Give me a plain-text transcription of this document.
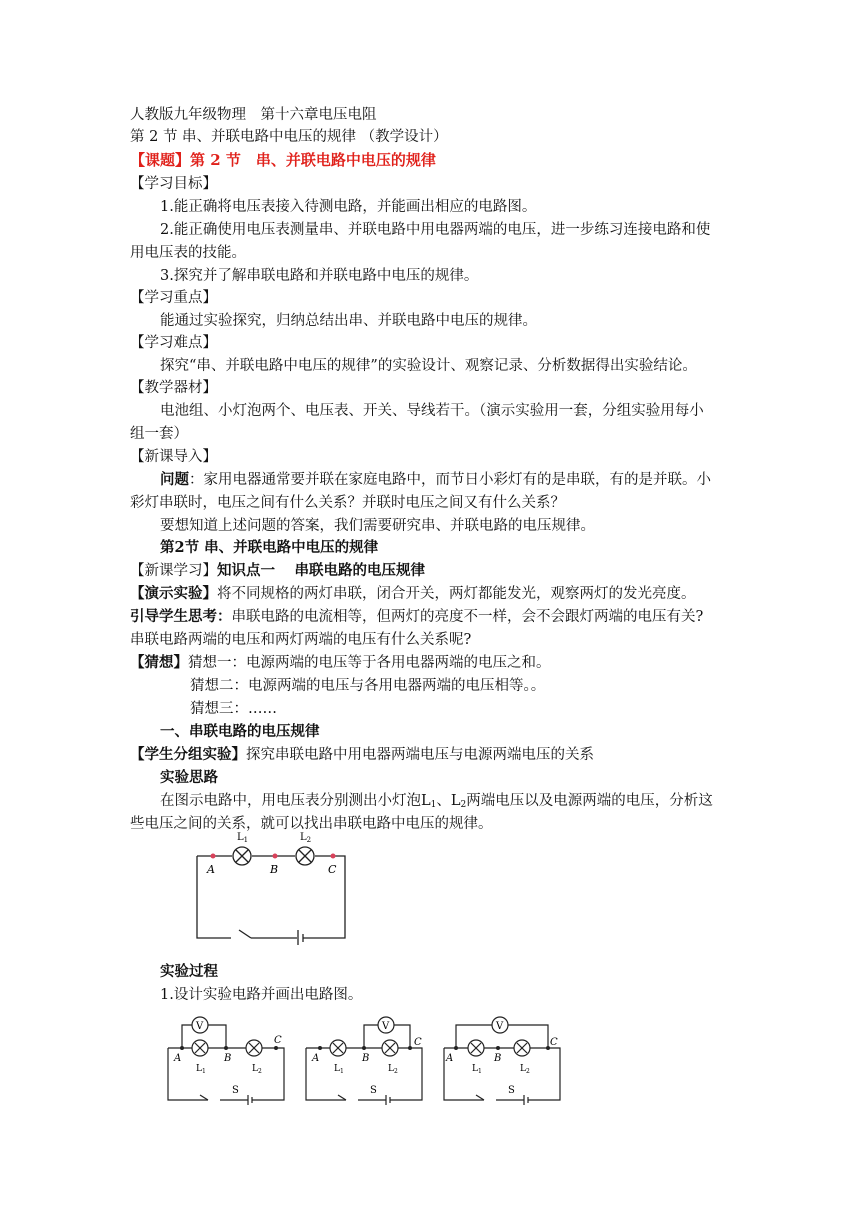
人教版九年级物理　第十六章电压电阻
第 2 节 串、并联电路中电压的规律 （教学设计）
【课题】第 2 节　串、并联电路中电压的规律
【学习目标】
1.能正确将电压表接入待测电路，并能画出相应的电路图。
2.能正确使用电压表测量串、并联电路中用电器两端的电压，进一步练习连接电路和使
用电压表的技能。
3.探究并了解串联电路和并联电路中电压的规律。
【学习重点】
能通过实验探究，归纳总结出串、并联电路中电压的规律。
【学习难点】
探究“串、并联电路中电压的规律”的实验设计、观察记录、分析数据得出实验结论。
【教学器材】
电池组、小灯泡两个、电压表、开关、导线若干。（演示实验用一套，分组实验用每小
组一套）
【新课导入】
问题：家用电器通常要并联在家庭电路中，而节日小彩灯有的是串联，有的是并联。小
彩灯串联时，电压之间有什么关系？并联时电压之间又有什么关系？
要想知道上述问题的答案，我们需要研究串、并联电路的电压规律。
第2节 串、并联电路中电压的规律
【新课学习】知识点一　 串联电路的电压规律
【演示实验】将不同规格的两灯串联，闭合开关，两灯都能发光，观察两灯的发光亮度。
引导学生思考：串联电路的电流相等，但两灯的亮度不一样，会不会跟灯两端的电压有关?
串联电路两端的电压和两灯两端的电压有什么关系呢?
【猜想】猜想一：电源两端的电压等于各用电器两端的电压之和。
猜想二：电源两端的电压与各用电器两端的电压相等。。
猜想三：……
一、串联电路的电压规律
【学生分组实验】探究串联电路中用电器两端电压与电源两端电压的关系
实验思路
在图示电路中，用电压表分别测出小灯泡$L_1$、$L_2$两端电压以及电源两端的电压，分析这
些电压之间的关系，就可以找出串联电路中电压的规律。
$L_1$	$L_2$
A	B	C
实验过程
1.设计实验电路并画出电路图。
V
A	B
C
$L_1$	$L_2$
S
V
A	B
C
$L_1$	$L_2$
S
V
A	B
C
$L_1$	$L_2$
S
